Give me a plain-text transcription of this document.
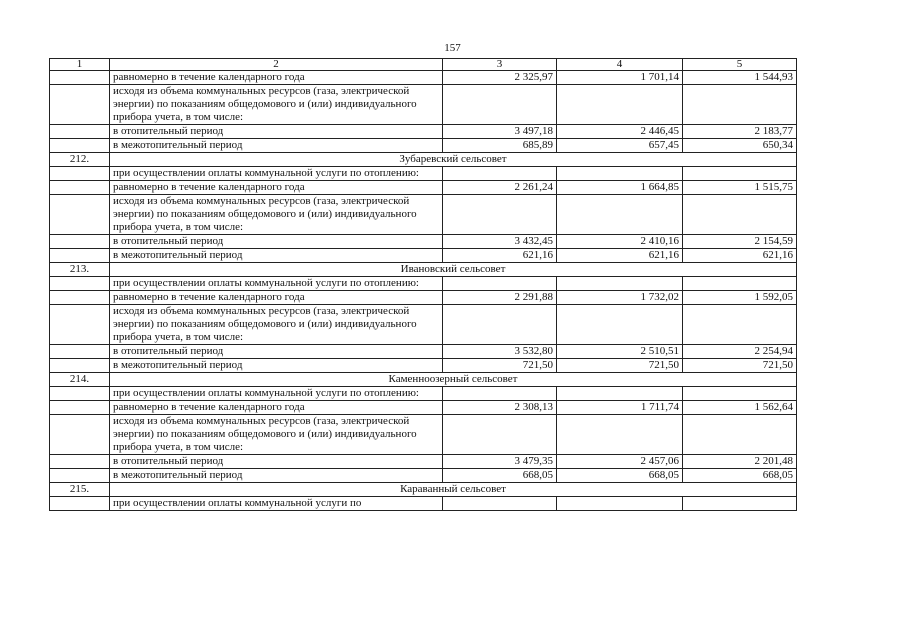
157
1	2	3	4	5
	равномерно в течение календарного года	2 325,97	1 701,14	1 544,93
	исходя из объема коммунальных ресурсов (газа, электрической энергии) по показаниям общедомового и (или) индивидуального прибора учета, в том числе:			
	в отопительный период	3 497,18	2 446,45	2 183,77
	в межотопительный период	685,89	657,45	650,34
212.	Зубаревский сельсовет			
	при осуществлении оплаты коммунальной услуги по отоплению:			
	равномерно в течение календарного года	2 261,24	1 664,85	1 515,75
	исходя из объема коммунальных ресурсов (газа, электрической энергии) по показаниям общедомового и (или) индивидуального прибора учета, в том числе:			
	в отопительный период	3 432,45	2 410,16	2 154,59
	в межотопительный период	621,16	621,16	621,16
213.	Ивановский сельсовет			
	при осуществлении оплаты коммунальной услуги по отоплению:			
	равномерно в течение календарного года	2 291,88	1 732,02	1 592,05
	исходя из объема коммунальных ресурсов (газа, электрической энергии) по показаниям общедомового и (или) индивидуального прибора учета, в том числе:			
	в отопительный период	3 532,80	2 510,51	2 254,94
	в межотопительный период	721,50	721,50	721,50
214.	Каменноозерный сельсовет			
	при осуществлении оплаты коммунальной услуги по отоплению:			
	равномерно в течение календарного года	2 308,13	1 711,74	1 562,64
	исходя из объема коммунальных ресурсов (газа, электрической энергии) по показаниям общедомового и (или) индивидуального прибора учета, в том числе:			
	в отопительный период	3 479,35	2 457,06	2 201,48
	в межотопительный период	668,05	668,05	668,05
215.	Караванный сельсовет			
	при осуществлении оплаты коммунальной услуги по			
